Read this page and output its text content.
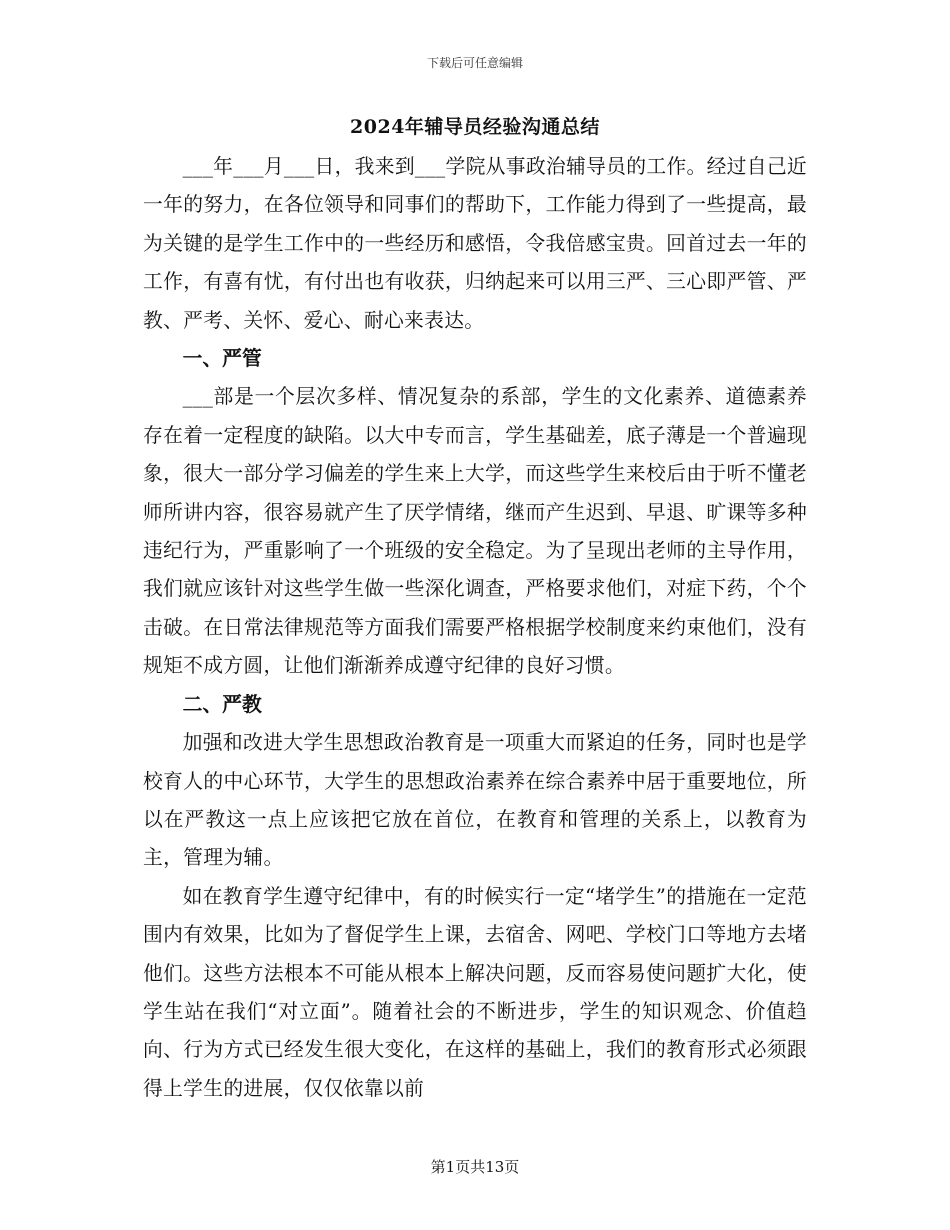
下载后可任意编辑
2024年辅导员经验沟通总结

___年___月___日，我来到___学院从事政治辅导员的工作。经过自己近一年的努力，在各位领导和同事们的帮助下，工作能力得到了一些提高，最为关键的是学生工作中的一些经历和感悟，令我倍感宝贵。回首过去一年的工作，有喜有忧，有付出也有收获，归纳起来可以用三严、三心即严管、严教、严考、关怀、爱心、耐心来表达。

一、严管

___部是一个层次多样、情况复杂的系部，学生的文化素养、道德素养存在着一定程度的缺陷。以大中专而言，学生基础差，底子薄是一个普遍现象，很大一部分学习偏差的学生来上大学，而这些学生来校后由于听不懂老师所讲内容，很容易就产生了厌学情绪，继而产生迟到、早退、旷课等多种违纪行为，严重影响了一个班级的安全稳定。为了呈现出老师的主导作用，我们就应该针对这些学生做一些深化调查，严格要求他们，对症下药，个个击破。在日常法律规范等方面我们需要严格根据学校制度来约束他们，没有规矩不成方圆，让他们渐渐养成遵守纪律的良好习惯。

二、严教

加强和改进大学生思想政治教育是一项重大而紧迫的任务，同时也是学校育人的中心环节，大学生的思想政治素养在综合素养中居于重要地位，所以在严教这一点上应该把它放在首位，在教育和管理的关系上，以教育为主，管理为辅。

如在教育学生遵守纪律中，有的时候实行一定“堵学生”的措施在一定范围内有效果，比如为了督促学生上课，去宿舍、网吧、学校门口等地方去堵他们。这些方法根本不可能从根本上解决问题，反而容易使问题扩大化，使学生站在我们“对立面”。随着社会的不断进步，学生的知识观念、价值趋向、行为方式已经发生很大变化，在这样的基础上，我们的教育形式必须跟得上学生的进展，仅仅依靠以前

第1页共13页
